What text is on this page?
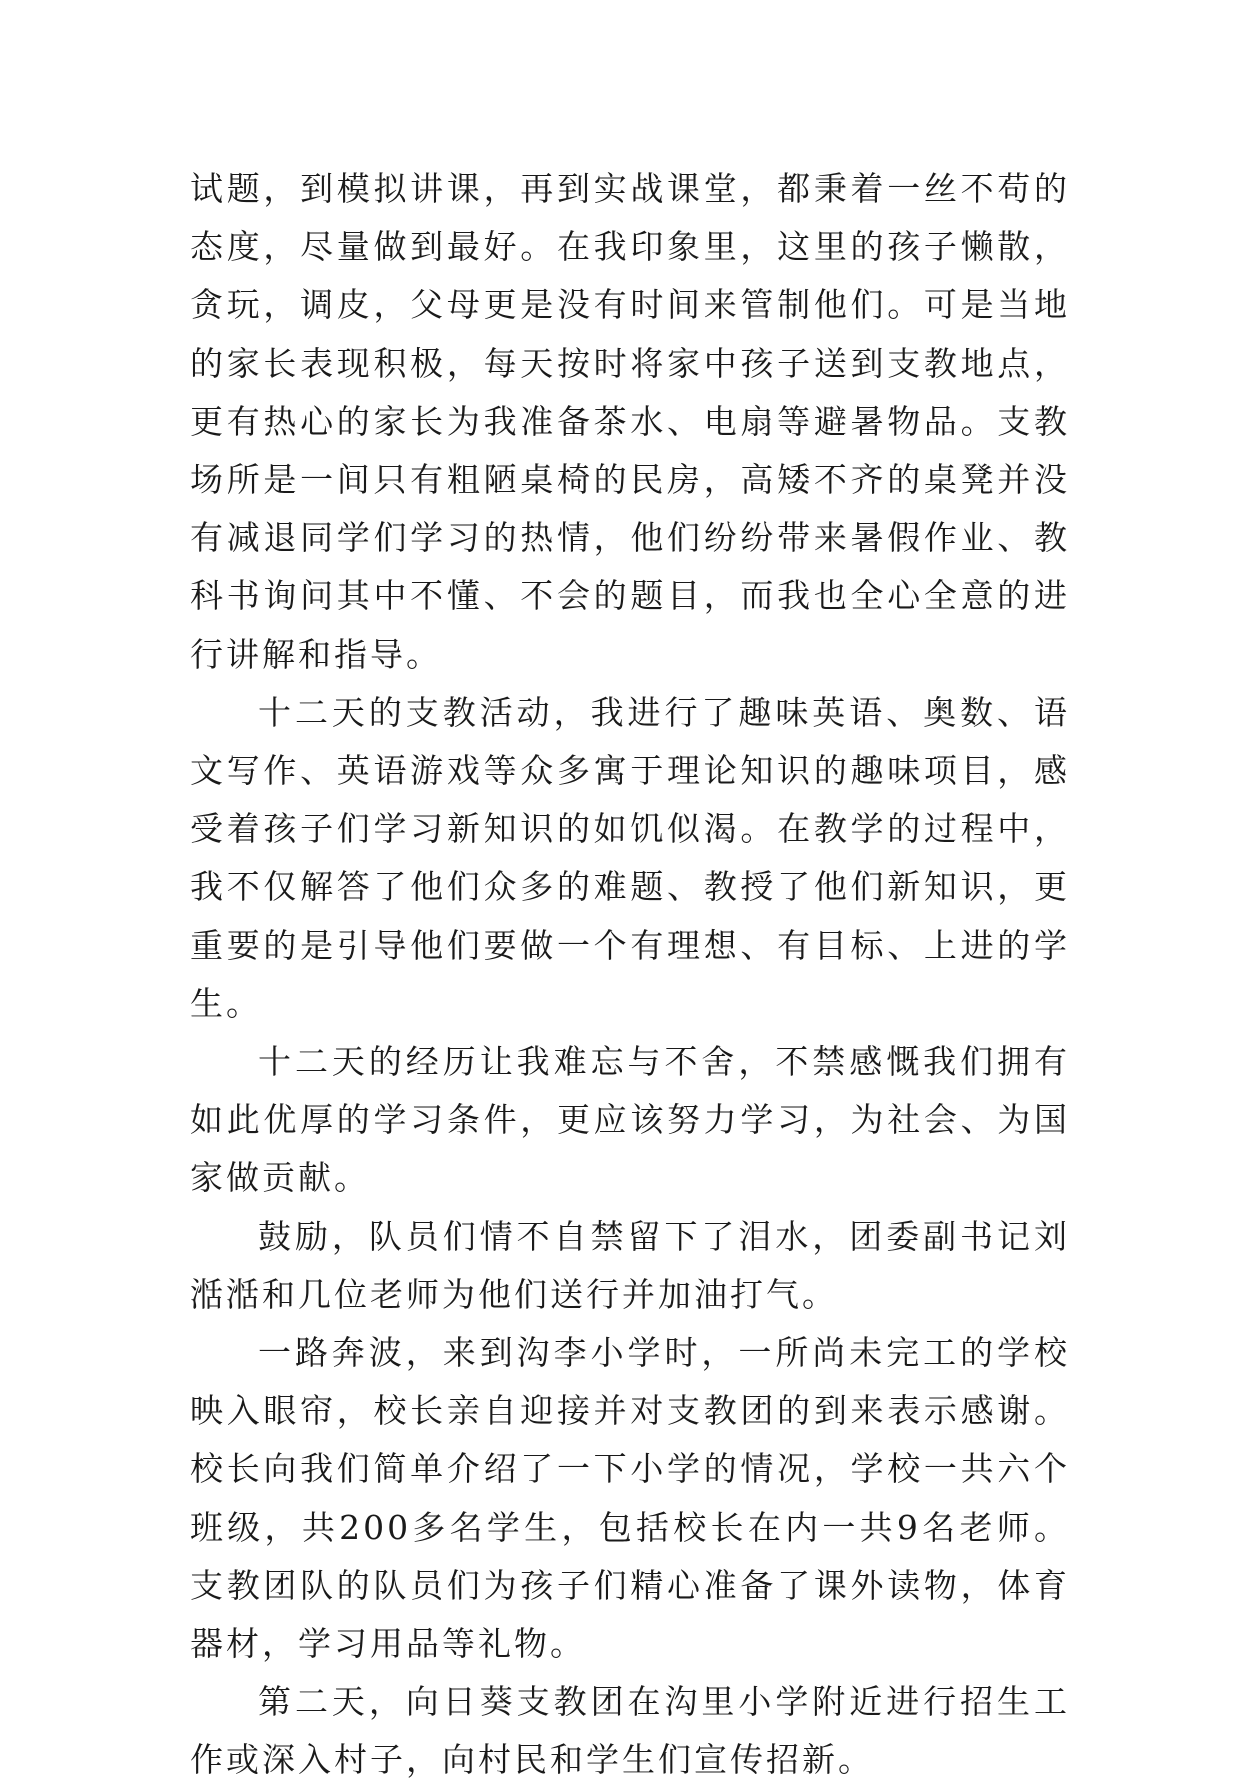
试题，到模拟讲课，再到实战课堂，都秉着一丝不苟的态度，尽量做到最好。在我印象里，这里的孩子懒散，贪玩，调皮，父母更是没有时间来管制他们。可是当地的家长表现积极，每天按时将家中孩子送到支教地点，更有热心的家长为我准备茶水、电扇等避暑物品。支教场所是一间只有粗陋桌椅的民房，高矮不齐的桌凳并没有减退同学们学习的热情，他们纷纷带来暑假作业、教科书询问其中不懂、不会的题目，而我也全心全意的进行讲解和指导。

十二天的支教活动，我进行了趣味英语、奥数、语文写作、英语游戏等众多寓于理论知识的趣味项目，感受着孩子们学习新知识的如饥似渴。在教学的过程中，我不仅解答了他们众多的难题、教授了他们新知识，更重要的是引导他们要做一个有理想、有目标、上进的学生。

十二天的经历让我难忘与不舍，不禁感慨我们拥有如此优厚的学习条件，更应该努力学习，为社会、为国家做贡献。

鼓励，队员们情不自禁留下了泪水，团委副书记刘湉湉和几位老师为他们送行并加油打气。

一路奔波，来到沟李小学时，一所尚未完工的学校映入眼帘，校长亲自迎接并对支教团的到来表示感谢。校长向我们简单介绍了一下小学的情况，学校一共六个班级，共200多名学生，包括校长在内一共9名老师。支教团队的队员们为孩子们精心准备了课外读物，体育器材，学习用品等礼物。

第二天，向日葵支教团在沟里小学附近进行招生工作或深入村子，向村民和学生们宣传招新。
